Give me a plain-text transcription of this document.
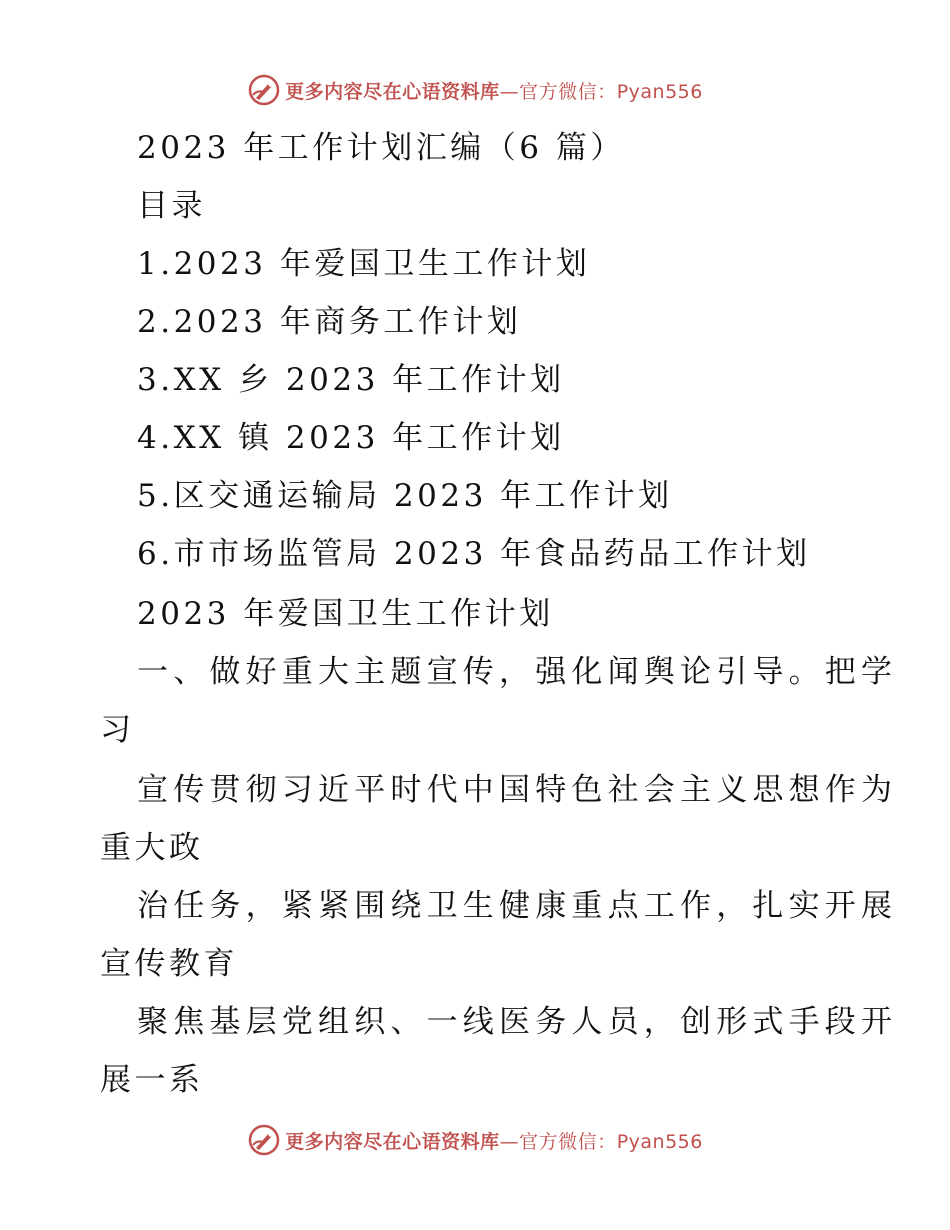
更多内容尽在心语资料库—官方微信：Pyan556
2023 年工作计划汇编（6 篇）
目录
1.2023 年爱国卫生工作计划
2.2023 年商务工作计划
3.XX 乡 2023 年工作计划
4.XX 镇 2023 年工作计划
5.区交通运输局 2023 年工作计划
6.市市场监管局 2023 年食品药品工作计划
2023 年爱国卫生工作计划
一、做好重大主题宣传，强化闻舆论引导。把学
习
宣传贯彻习近平时代中国特色社会主义思想作为
重大政
治任务，紧紧围绕卫生健康重点工作，扎实开展
宣传教育
聚焦基层党组织、一线医务人员，创形式手段开
展一系
更多内容尽在心语资料库—官方微信：Pyan556
